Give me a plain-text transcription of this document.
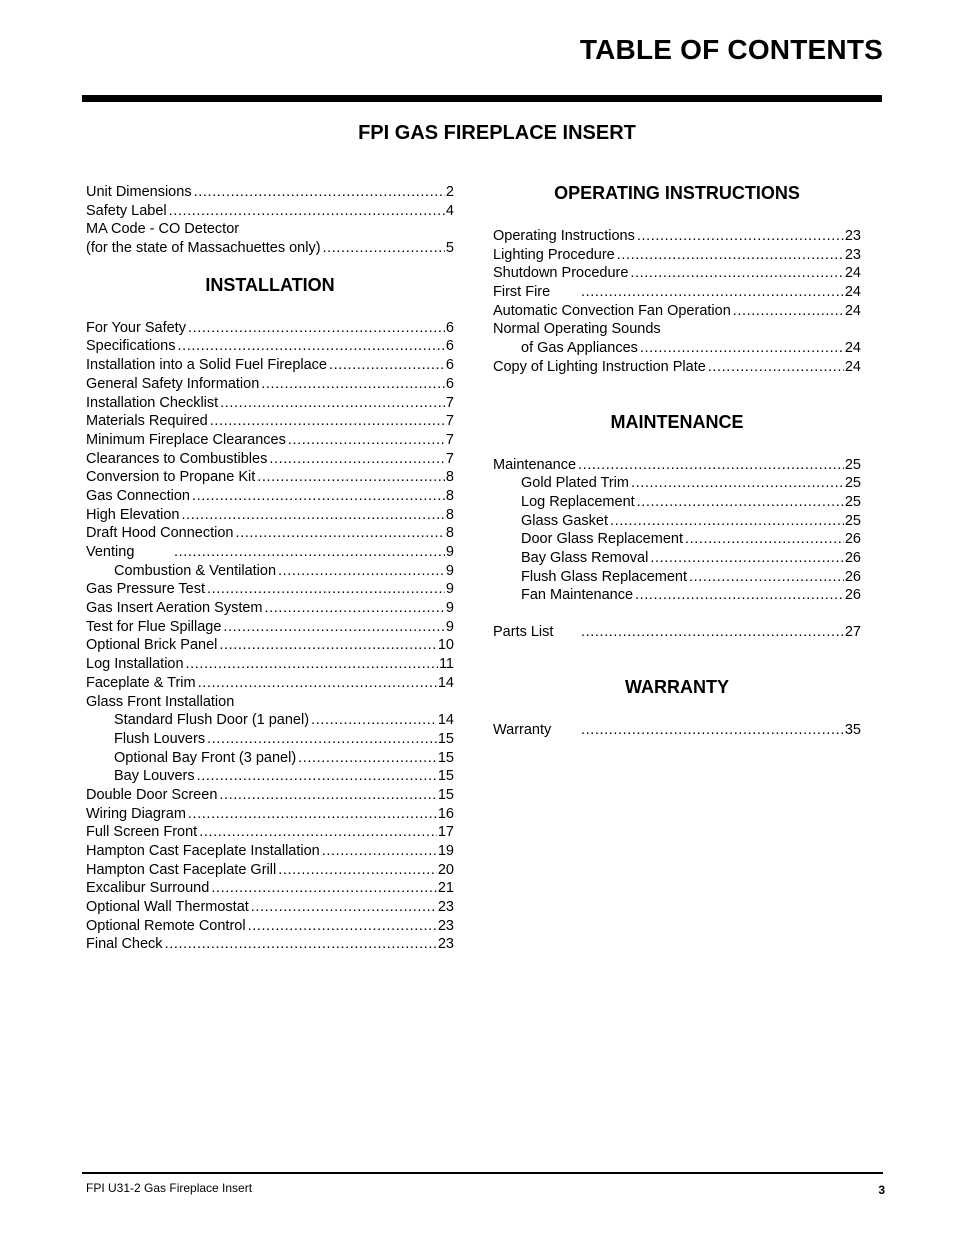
TABLE OF CONTENTS
FPI GAS FIREPLACE INSERT
Unit Dimensions .....	2
Safety Label .....	4
MA Code - CO Detector
(for the state of Massachuettes only) .....	5
INSTALLATION
For Your Safety .....	6
Specifications .....	6
Installation into a Solid Fuel Fireplace .....	6
General Safety Information .....	6
Installation Checklist .....	7
Materials Required .....	7
Minimum Fireplace Clearances .....	7
Clearances to Combustibles .....	7
Conversion to Propane Kit .....	8
Gas Connection .....	8
High Elevation .....	8
Draft Hood Connection .....	8
Venting .....	9
Combustion & Ventilation .....	9
Gas Pressure Test .....	9
Gas Insert Aeration System .....	9
Test for Flue Spillage .....	9
Optional Brick Panel .....	10
Log Installation .....	11
Faceplate & Trim .....	14
Glass Front Installation
Standard Flush Door (1 panel) .....	14
Flush Louvers .....	15
Optional Bay Front (3 panel) .....	15
Bay Louvers .....	15
Double Door Screen .....	15
Wiring Diagram .....	16
Full Screen Front .....	17
Hampton Cast Faceplate Installation .....	19
Hampton Cast Faceplate Grill .....	20
Excalibur Surround .....	21
Optional Wall Thermostat .....	23
Optional Remote Control .....	23
Final Check .....	23
OPERATING INSTRUCTIONS
Operating Instructions .....	23
Lighting Procedure .....	23
Shutdown Procedure .....	24
First Fire .....	24
Automatic Convection Fan Operation .....	24
Normal Operating Sounds
of Gas Appliances .....	24
Copy of Lighting Instruction Plate .....	24
MAINTENANCE
Maintenance .....	25
Gold Plated Trim .....	25
Log Replacement .....	25
Glass Gasket .....	25
Door Glass Replacement .....	26
Bay Glass Removal .....	26
Flush Glass Replacement .....	26
Fan Maintenance .....	26
Parts List .....	27
WARRANTY
Warranty .....	35
FPI U31-2 Gas Fireplace Insert	3
